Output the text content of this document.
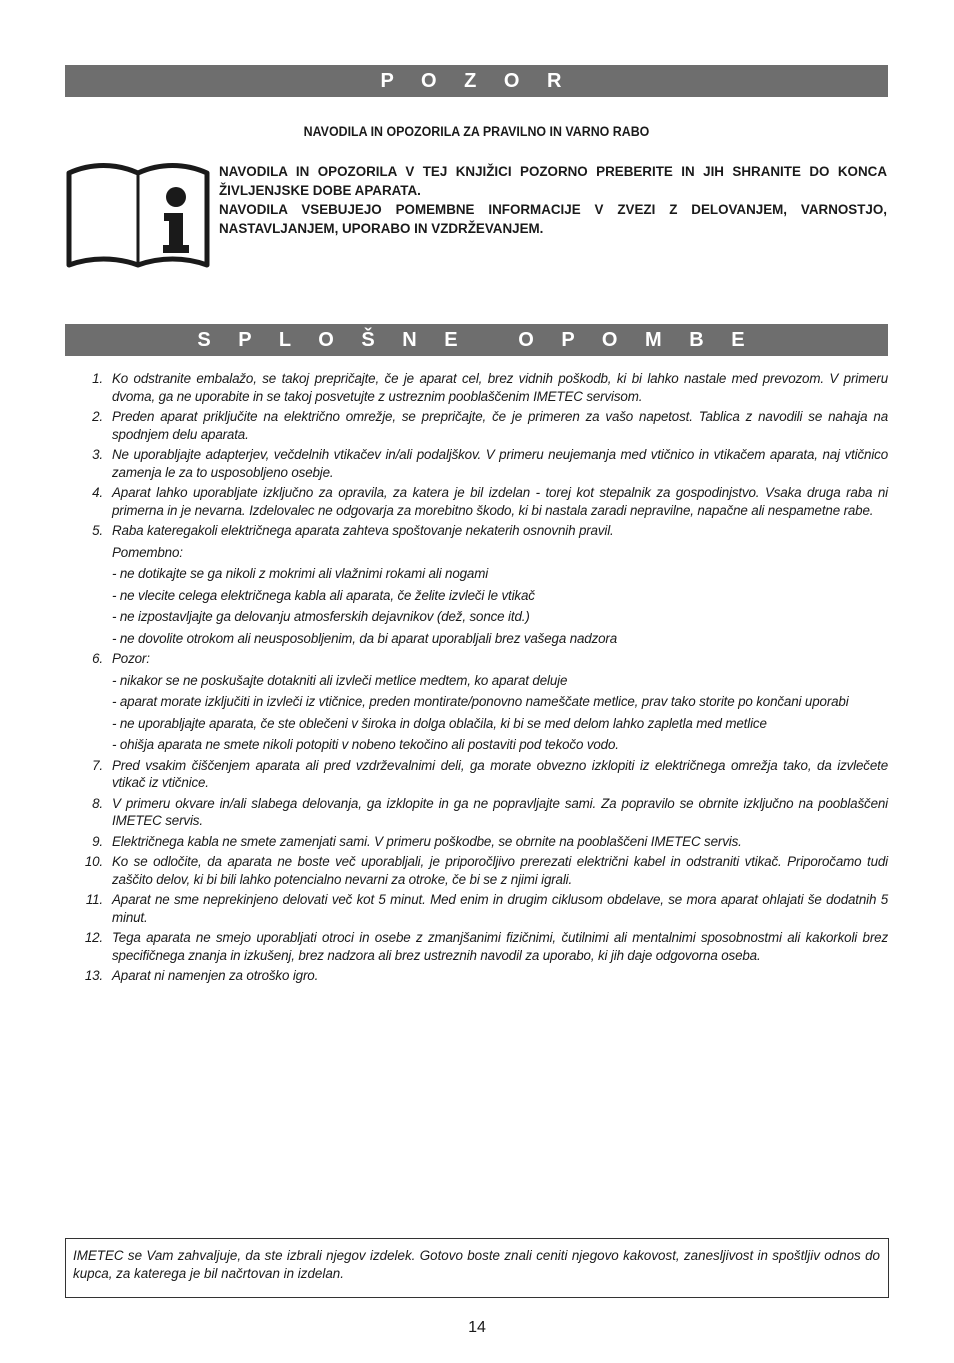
P O Z O R
NAVODILA IN OPOZORILA ZA PRAVILNO IN VARNO RABO

NAVODILA IN OPOZORILA V TEJ KNJIŽICI POZORNO PREBERITE IN JIH SHRANITE DO KONCA ŽIVLJENJSKE DOBE APARATA.

NAVODILA VSEBUJEJO POMEMBNE INFORMACIJE V ZVEZI Z DELOVANJEM, VARNOSTJO, NASTAVLJANJEM, UPORABO IN VZDRŽEVANJEM.

S P L O Š N E   O P O M B E
1. Ko odstranite embalažo, se takoj prepričajte, če je aparat cel, brez vidnih poškodb, ki bi lahko nastale med prevozom. V primeru dvoma, ga ne uporabite in se takoj posvetujte z ustreznim pooblaščenim IMETEC servisom.
2. Preden aparat priključite na električno omrežje, se prepričajte, če je primeren za vašo napetost. Tablica z navodili se nahaja na spodnjem delu aparata.
3. Ne uporabljajte adapterjev, večdelnih vtikačev in/ali podaljškov. V primeru neujemanja med vtičnico in vtikačem aparata, naj vtičnico zamenja le za to usposobljeno osebje.
4. Aparat lahko uporabljate izključno za opravila, za katera je bil izdelan - torej kot stepalnik za gospodinjstvo. Vsaka druga raba ni primerna in je nevarna. Izdelovalec ne odgovarja za morebitno škodo, ki bi nastala zaradi nepravilne, napačne ali nespametne rabe.
5. Raba kateregakoli električnega aparata zahteva spoštovanje nekaterih osnovnih pravil.
Pomembno:
- ne dotikajte se ga nikoli z mokrimi ali vlažnimi rokami ali nogami
- ne vlecite celega električnega kabla ali aparata, če želite izvleči le vtikač
- ne izpostavljajte ga delovanju atmosferskih dejavnikov (dež, sonce itd.)
- ne dovolite otrokom ali neusposobljenim, da bi aparat uporabljali brez vašega nadzora
6. Pozor:
- nikakor se ne poskušajte dotakniti ali izvleči metlice medtem, ko aparat deluje
- aparat morate izključiti in izvleči iz vtičnice, preden montirate/ponovno nameščate metlice, prav tako storite po končani uporabi
- ne uporabljajte aparata, če ste oblečeni v široka in dolga oblačila, ki bi se med delom lahko zapletla med metlice
- ohišja aparata ne smete nikoli potopiti v nobeno tekočino ali postaviti pod tekočo vodo.
7. Pred vsakim čiščenjem aparata ali pred vzdrževalnimi deli, ga morate obvezno izklopiti iz električnega omrežja tako, da izvlečete vtikač iz vtičnice.
8. V primeru okvare in/ali slabega delovanja, ga izklopite in ga ne popravljajte sami. Za popravilo se obrnite izključno na pooblaščeni IMETEC servis.
9. Električnega kabla ne smete zamenjati sami. V primeru poškodbe, se obrnite na pooblaščeni IMETEC servis.
10. Ko se odločite, da aparata ne boste več uporabljali, je priporočljivo prerezati električni kabel in odstraniti vtikač. Priporočamo tudi zaščito delov, ki bi bili lahko potencialno nevarni za otroke, če bi se z njimi igrali.
11. Aparat ne sme neprekinjeno delovati več kot 5 minut. Med enim in drugim ciklusom obdelave, se mora aparat ohlajati še dodatnih 5 minut.
12. Tega aparata ne smejo uporabljati otroci in osebe z zmanjšanimi fizičnimi, čutilnimi ali mentalnimi sposobnostmi ali kakorkoli brez specifičnega znanja in izkušenj, brez nadzora ali brez ustreznih navodil za uporabo, ki jih daje odgovorna oseba.
13. Aparat ni namenjen za otroško igro.
IMETEC se Vam zahvaljuje, da ste izbrali njegov izdelek. Gotovo boste znali ceniti njegovo kakovost, zanesljivost in spoštljiv odnos do kupca, za katerega je bil načrtovan in izdelan.
14
